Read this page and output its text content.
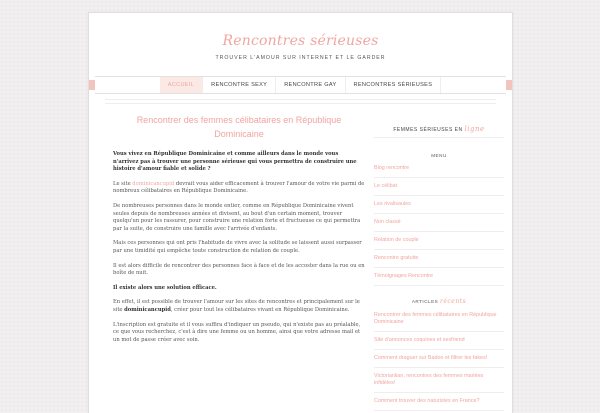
Rencontres sérieuses
TROUVER L'AMOUR SUR INTERNET ET LE GARDER
ACCUEIL	RENCONTRE SEXY	RENCONTRE GAY	RENCONTRES SÉRIEUSES
Rencontrer des femmes célibataires en République Dominicaine

Vous vivez en République Dominicaine et comme ailleurs dans le monde vous n'arrivez pas à trouver une personne sérieuse qui vous permettra de construire une histoire d'amour fiable et solide ?

Le site dominicancupid devrait vous aider efficacement à trouver l'amour de votre vie parmi de nombreux célibataires en République Dominicaine.

De nombreuses personnes dans le monde entier, comme en République Dominicaine vivent seules depuis de nombreuses années et divisent, au bout d'un certain moment, trouver quelqu'un pour les rassurer, pour construire une relation forte et fructueuse ce qui permettra par la suite, de construire une famille avec l'arrivée d'enfants.

Mais ces personnes qui ont pris l'habitude de vivre avec la solitude se laissent aussi surpasser par une timidité qui empêche toute construction de relation de couple.

Il est alors difficile de rencontrer des personnes face à face et de les accoster dans la rue ou en boîte de nuit.

Il existe alors une solution efficace.

En effet, il est possible de trouver l'amour sur les sites de rencontres et principalement sur le site dominicancupid, créer pour tout les célibataires vivant en République Dominicaine.

L'inscription est gratuite et il vous suffira d'indiquer un pseudo, qui n'existe pas au préalable, ce que vous recherchez, c'est à dire une femme ou un homme, ainsi que votre adresse mail et un mot de passe créer avec soin.

FEMMES SÉRIEUSES EN ligne
MENU
Blog rencontre
Le célibat
Les rivalisaules
Non classé
Relation de couple
Rencontre gratuite
Témoignages Rencontre
ARTICLES récents
Rencontrer des femmes célibataires en République Dominicaine
Site d'annonces coquines et sexfriend
Comment draguer sur Badoo et filtrer les fakes!
Victorianlian, rencontres des femmes mariées infidèles!
Comment trouver des naturistes en France?
